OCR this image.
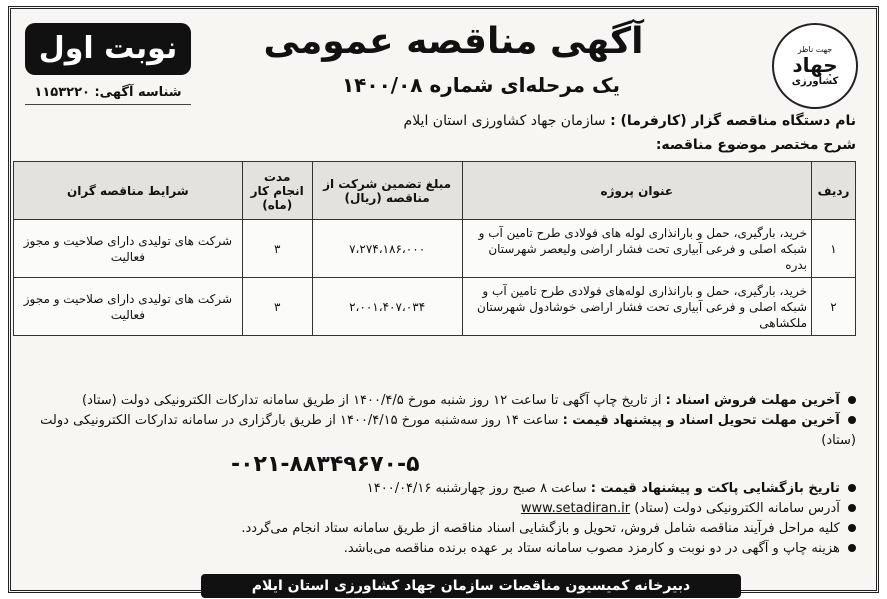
جهت ناظر
جهاد
کشاورزی
آگهی مناقصه عمومی
یک مرحله‌ای شماره ۱۴۰۰/۰۸
نوبت اول
شناسه آگهی: ۱۱۵۳۲۲۰
نام دستگاه مناقصه گزار (کارفرما) : سازمان جهاد کشاورزی استان ایلام
شرح مختصر موضوع مناقصه:
ردیف	عنوان پروژه	مبلغ تضمین شرکت از مناقصه (ریال)	مدت انجام کار (ماه)	شرایط مناقصه گران
۱	خرید، بارگیری، حمل و بارانذاری لوله های فولادی طرح تامین آب و شبکه اصلی و فرعی آبیاری تحت فشار اراضی ولیعصر شهرستان بدره	۷،۲۷۴،۱۸۶،۰۰۰	۳	شرکت های تولیدی دارای صلاحیت و مجوز فعالیت
۲	خرید، بارگیری، حمل و بارانذاری لوله‌های فولادی طرح تامین آب و شبکه اصلی و فرعی آبیاری تحت فشار اراضی خوشادول شهرستان ملکشاهی	۲،۰۰۱،۴۰۷،۰۳۴	۳	شرکت های تولیدی دارای صلاحیت و مجوز فعالیت
آخرین مهلت فروش اسناد : از تاریخ چاپ آگهی تا ساعت ۱۲ روز شنبه مورخ ۱۴۰۰/۴/۵ از طریق سامانه تدارکات الکترونیکی دولت (ستاد)
آخرین مهلت تحویل اسناد و پیشنهاد قیمت : ساعت ۱۴ روز سه‌شنبه مورخ ۱۴۰۰/۴/۱۵ از طریق بارگزاری در سامانه تدارکات الکترونیکی دولت (ستاد)
-۰۲۱-۸۸۳۴۹۶۷۰-۵
تاریخ بازگشایی پاکت و پیشنهاد قیمت : ساعت ۸ صبح روز چهارشنبه ۱۴۰۰/۰۴/۱۶
آدرس سامانه الکترونیکی دولت (ستاد) www.setadiran.ir
کلیه مراحل فرآیند مناقصه شامل فروش، تحویل و بازگشایی اسناد مناقصه از طریق سامانه ستاد انجام می‌گردد.
هزینه چاپ و آگهی در دو نوبت و کارمزد مصوب سامانه ستاد بر عهده برنده مناقصه می‌باشد.
دبیرخانه کمیسیون مناقصات سازمان جهاد کشاورزی استان ایلام
